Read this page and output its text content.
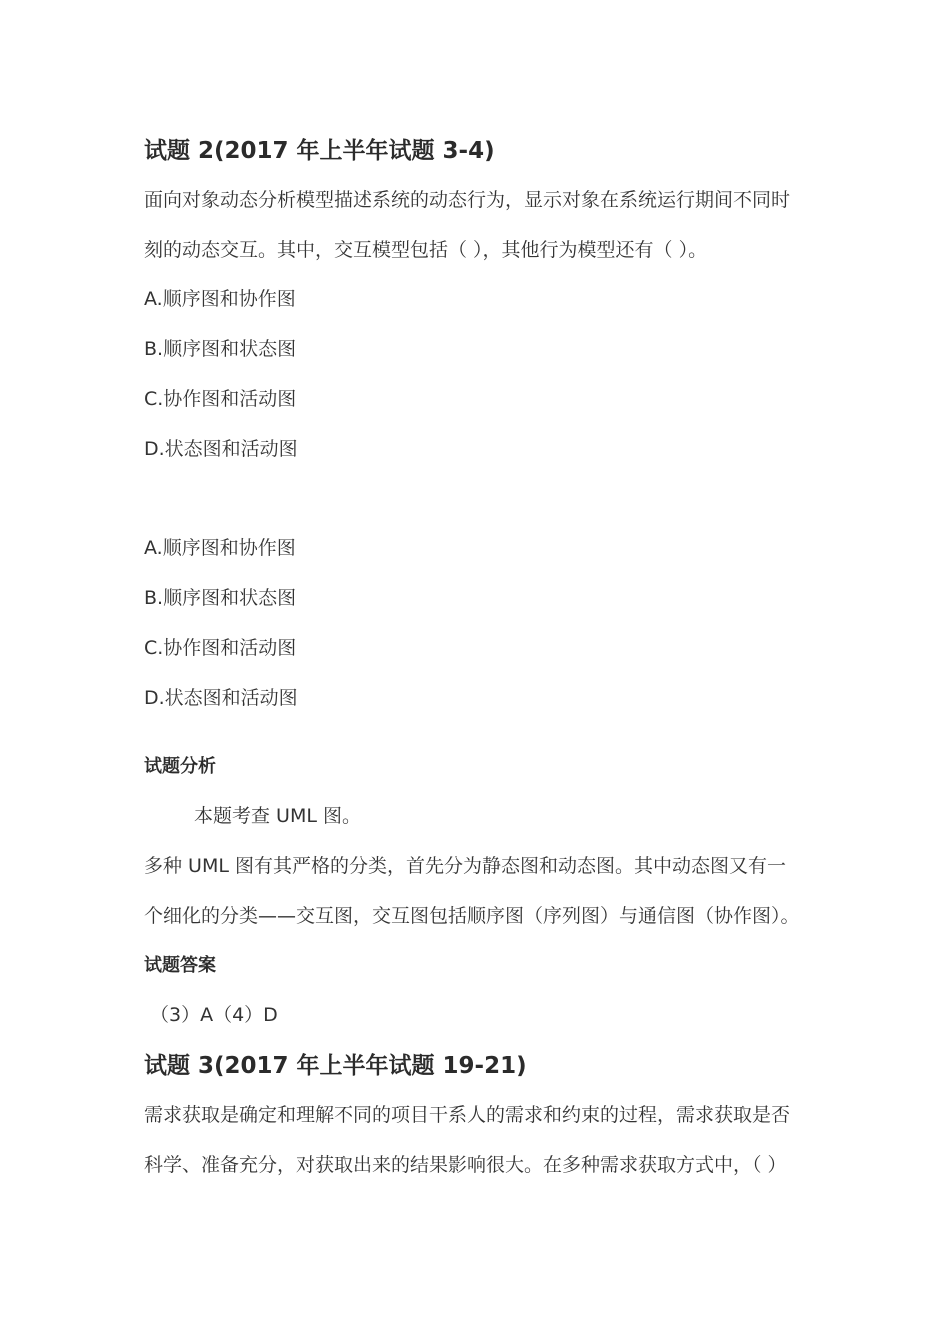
试题 2(2017 年上半年试题 3-4)
面向对象动态分析模型描述系统的动态行为，显示对象在系统运行期间不同时
刻的动态交互。其中，交互模型包括（ ），其他行为模型还有（ ）。
A.顺序图和协作图
B.顺序图和状态图
C.协作图和活动图
D.状态图和活动图
A.顺序图和协作图
B.顺序图和状态图
C.协作图和活动图
D.状态图和活动图
试题分析
本题考查 UML 图。
多种 UML 图有其严格的分类，首先分为静态图和动态图。其中动态图又有一
个细化的分类——交互图，交互图包括顺序图（序列图）与通信图（协作图）。
试题答案
（3）A（4）D
试题 3(2017 年上半年试题 19-21)
需求获取是确定和理解不同的项目干系人的需求和约束的过程，需求获取是否
科学、准备充分，对获取出来的结果影响很大。在多种需求获取方式中，（ ）
